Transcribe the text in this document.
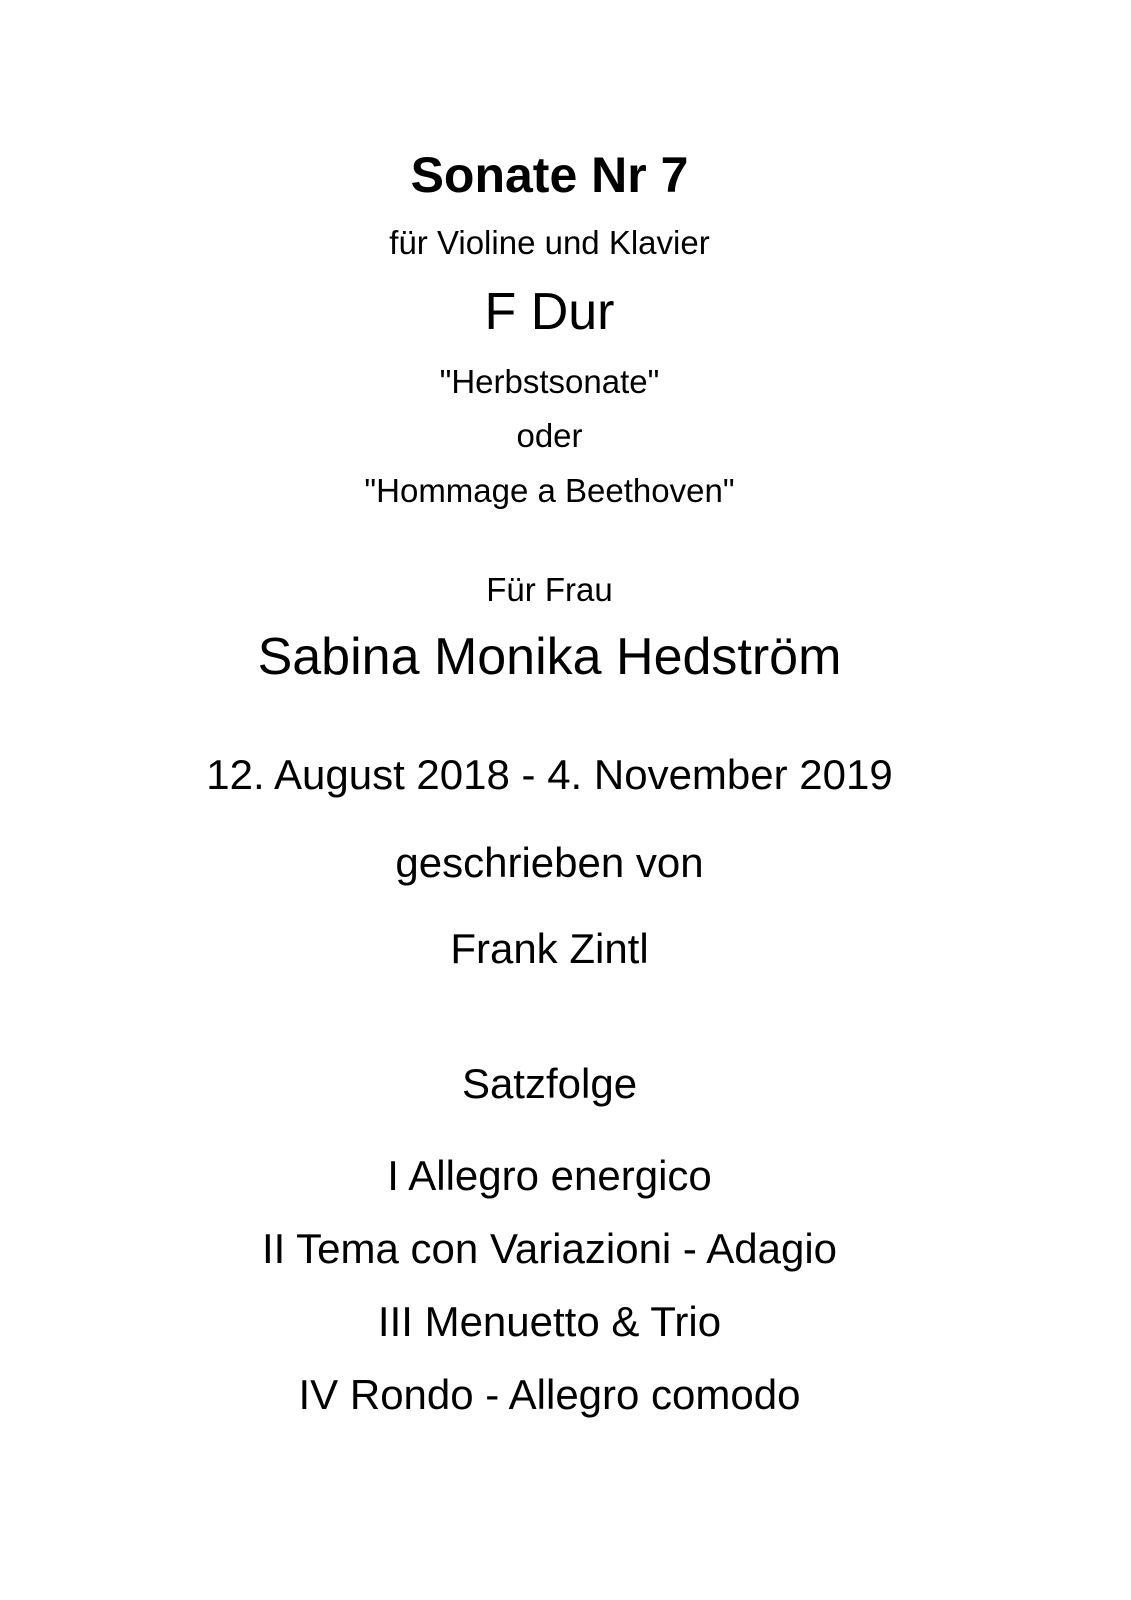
Sonate Nr 7
für Violine und Klavier
F Dur
"Herbstsonate"
oder
"Hommage a Beethoven"
Für Frau
Sabina Monika Hedström
12. August 2018 - 4. November 2019
geschrieben von
Frank Zintl
Satzfolge
I Allegro energico
II Tema con Variazioni - Adagio
III Menuetto & Trio
IV Rondo - Allegro comodo
